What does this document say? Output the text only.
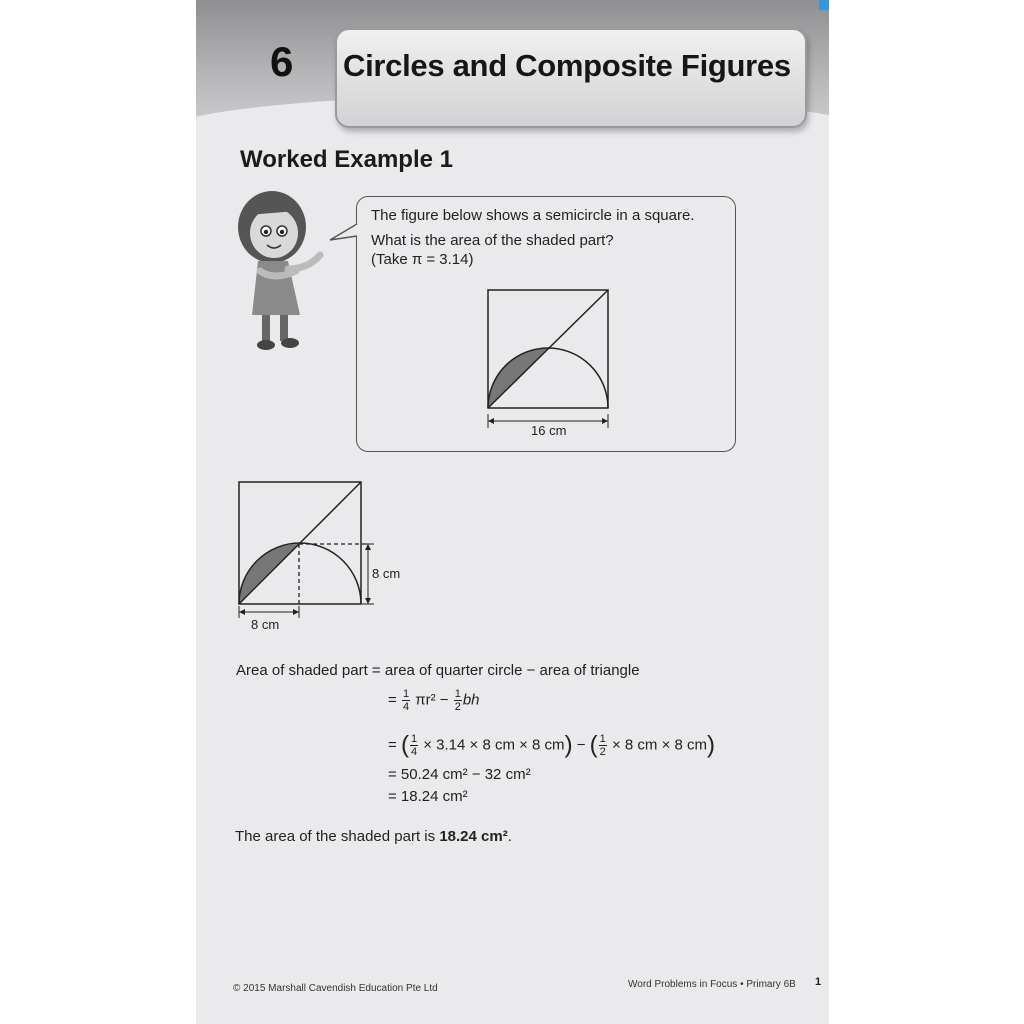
6 Circles and Composite Figures
Worked Example 1
The figure below shows a semicircle in a square.
What is the area of the shaded part?
(Take π = 3.14)
16 cm
8 cm
8 cm
Area of shaded part = area of quarter circle − area of triangle
= $\frac{1}{4} \pi r^2 - \frac{1}{2}$ bh
= ( $\frac{1}{4} \times 3.14 \times 8$ cm × 8 cm) − ( $\frac{1}{2} \times 8$ cm × 8 cm)
= 50.24 cm² − 32 cm²
= 18.24 cm²
The area of the shaded part is 18.24 cm².
© 2015 Marshall Cavendish Education Pte Ltd	Word Problems in Focus • Primary 6B 1
